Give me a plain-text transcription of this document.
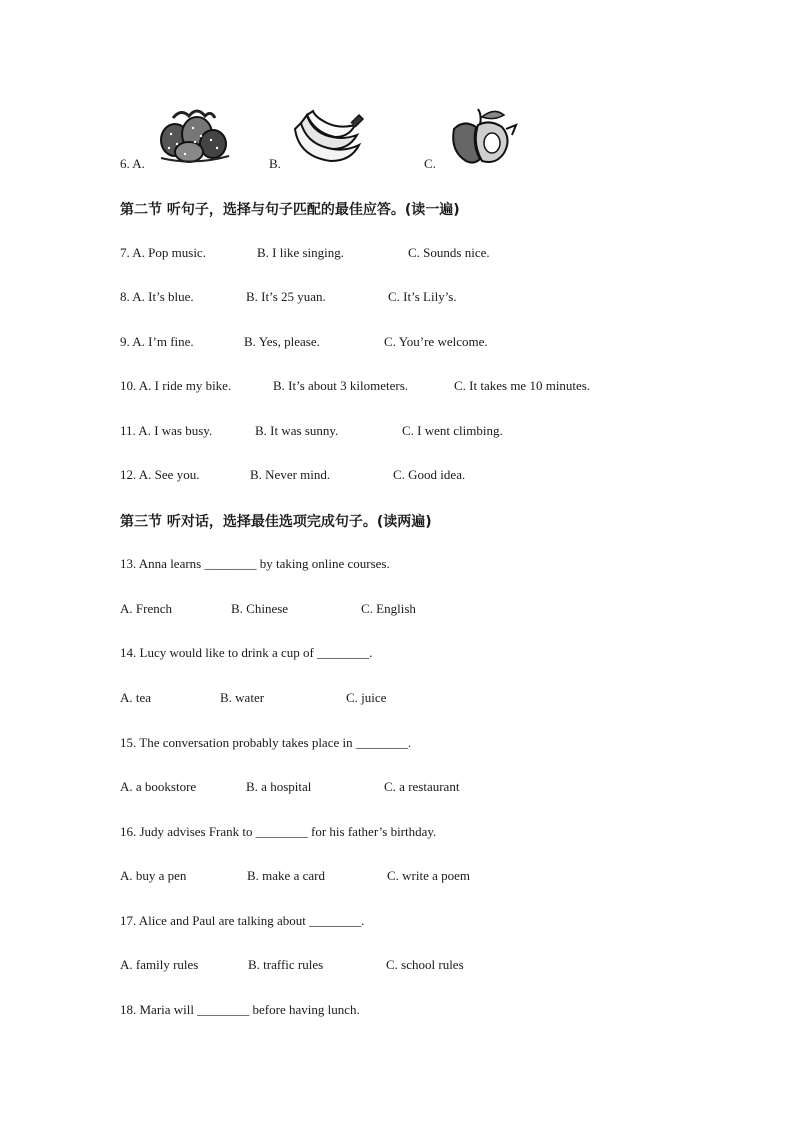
6. A.	B.	C.
第二节 听句子，选择与句子匹配的最佳应答。(读一遍)
7. A. Pop music.	B. I like singing.	C. Sounds nice.
8. A. It’s blue.	B. It’s 25 yuan.	C. It’s Lily’s.
9. A. I’m fine.	B. Yes, please.	C. You’re welcome.
10. A. I ride my bike.	B. It’s about 3 kilometers.	C. It takes me 10 minutes.
11. A. I was busy.	B. It was sunny.	C. I went climbing.
12. A. See you.	B. Never mind.	C. Good idea.
第三节 听对话，选择最佳选项完成句子。(读两遍)
13. Anna learns ________ by taking online courses.
A. French	B. Chinese	C. English
14. Lucy would like to drink a cup of ________.
A. tea	B. water	C. juice
15. The conversation probably takes place in ________.
A. a bookstore	B. a hospital	C. a restaurant
16. Judy advises Frank to ________ for his father’s birthday.
A. buy a pen	B. make a card	C. write a poem
17. Alice and Paul are talking about ________.
A. family rules	B. traffic rules	C. school rules
18. Maria will ________ before having lunch.
